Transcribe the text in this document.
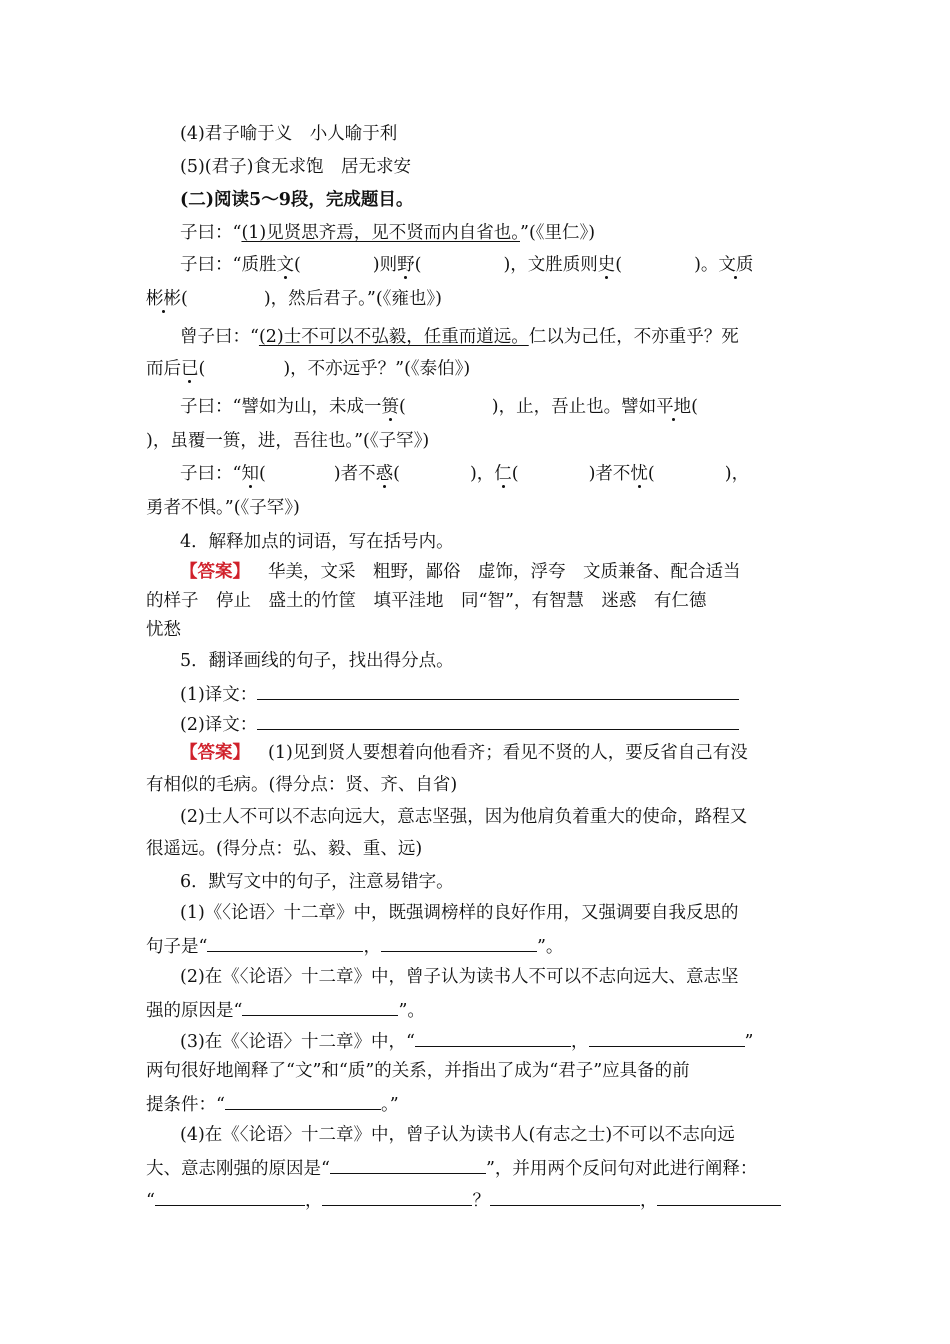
(4)君子喻于义　小人喻于利
(5)(君子)食无求饱　居无求安
(二)阅读5～9段，完成题目。
子曰：“(1)见贤思齐焉，见不贤而内自省也。”(《里仁》)
子曰：“质胜文(	)则野(	)，文胜质则史(	)。文质
彬彬(	)，然后君子。”(《雍也》)
曾子曰：“(2)士不可以不弘毅，任重而道远。仁以为己任，不亦重乎？死
而后已(	)，不亦远乎？”(《泰伯》)
子曰：“譬如为山，未成一篑(	)，止，吾止也。譬如平地(
)，虽覆一篑，进，吾往也。”(《子罕》)
子曰：“知(	)者不惑(	)，仁(	)者不忧(	)，
勇者不惧。”(《子罕》)
4．解释加点的词语，写在括号内。
【答案】 华美，文采　粗野，鄙俗　虚饰，浮夸　文质兼备、配合适当
的样子　停止　盛土的竹筐　填平洼地　同“智”，有智慧　迷惑　有仁德
忧愁
5．翻译画线的句子，找出得分点。
(1)译文：
(2)译文：
【答案】 (1)见到贤人要想着向他看齐；看见不贤的人，要反省自己有没
有相似的毛病。(得分点：贤、齐、自省)
(2)士人不可以不志向远大，意志坚强，因为他肩负着重大的使命，路程又
很遥远。(得分点：弘、毅、重、远)
6．默写文中的句子，注意易错字。
(1)《〈论语〉十二章》中，既强调榜样的良好作用，又强调要自我反思的
句子是“	，	”。
(2)在《〈论语〉十二章》中，曾子认为读书人不可以不志向远大、意志坚
强的原因是“	”。
(3)在《〈论语〉十二章》中，“	，	”
两句很好地阐释了“文”和“质”的关系，并指出了成为“君子”应具备的前
提条件：“	。”
(4)在《〈论语〉十二章》中，曾子认为读书人(有志之士)不可以不志向远
大、意志刚强的原因是“	”，并用两个反问句对此进行阐释：
“	，	？	，
